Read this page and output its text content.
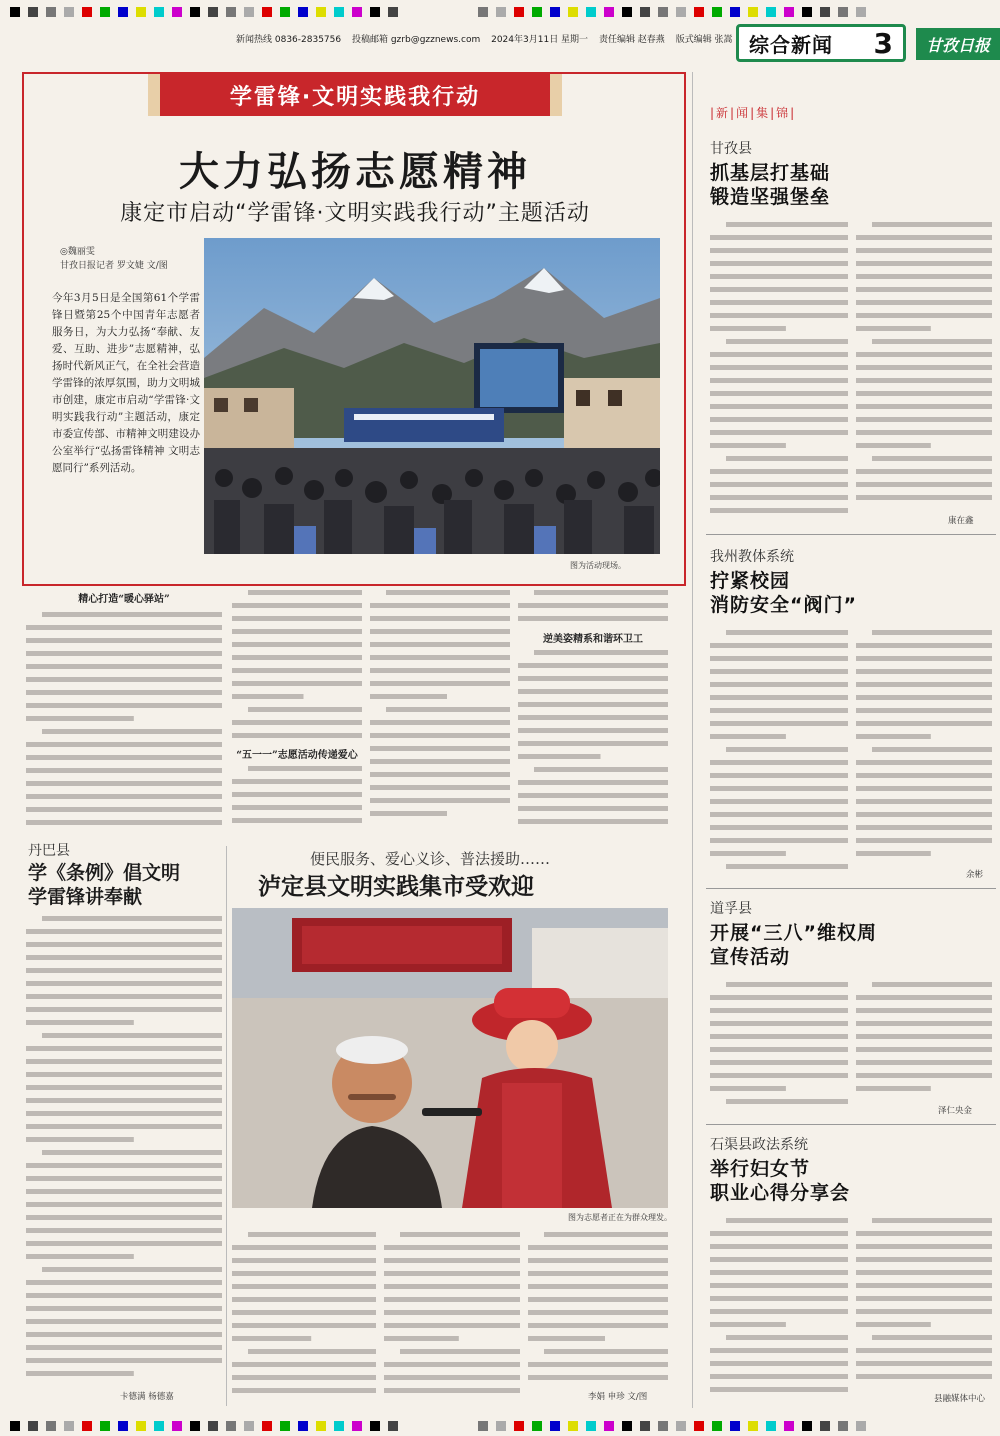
新闻热线 0836-2835756 投稿邮箱 gzrb@gzznews.com 2024年3月11日 星期一 责任编辑 赵春燕 版式编辑 张嵩 综合新闻 3	甘孜日报
学雷锋·文明实践我行动
大力弘扬志愿精神
康定市启动“学雷锋·文明实践我行动”主题活动
◎魏丽雯
甘孜日报记者 罗文婕 文/图
今年3月5日是全国第61个学雷锋日暨第25个中国青年志愿者服务日，为大力弘扬“奉献、友爱、互助、进步”志愿精神，弘扬时代新风正气，在全社会营造学雷锋的浓厚氛围，助力文明城市创建，康定市启动“学雷锋·文明实践我行动”主题活动，康定市委宣传部、市精神文明建设办公室举行“弘扬雷锋精神 文明志愿同行”系列活动。
图为活动现场。
精心打造“暖心驿站”
“五一一”志愿活动传递爱心
逆美姿精系和谐环卫工
丹巴县
学《条例》倡文明
学雷锋讲奉献
卡德满 杨德嘉
便民服务、爱心义诊、普法援助……
泸定县文明实践集市受欢迎
图为志愿者正在为群众理发。
李娟 申珍 文/图
|新|闻|集|锦|
甘孜县
抓基层打基础
锻造坚强堡垒
康在鑫
我州教体系统
拧紧校园
消防安全“阀门”
余彬
道孚县
开展“三八”维权周
宣传活动
泽仁央金
石渠县政法系统
举行妇女节
职业心得分享会
县融媒体中心
